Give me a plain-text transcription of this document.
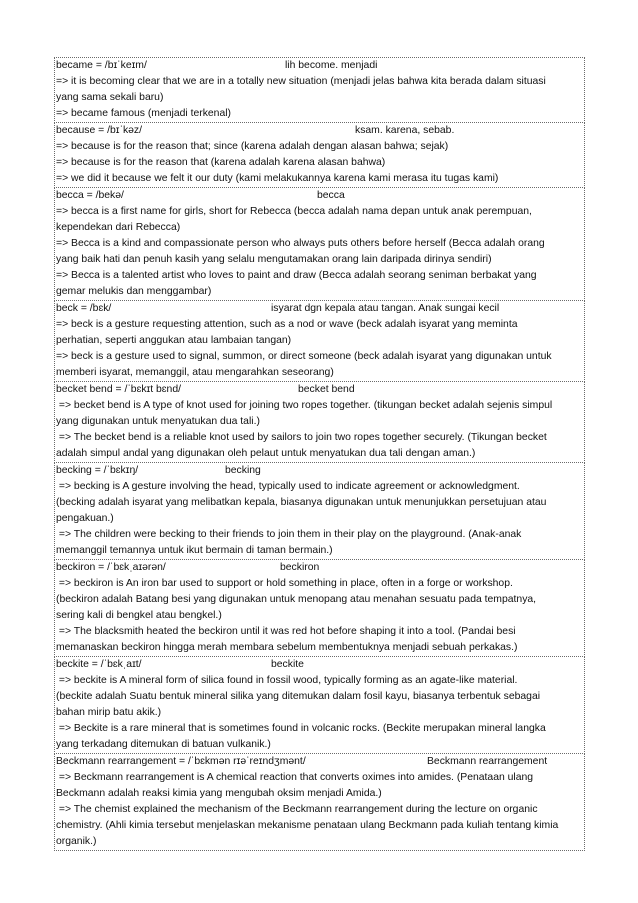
became = /bɪˈkeɪm/	lih become. menjadi
=> it is becoming clear that we are in a totally new situation (menjadi jelas bahwa kita berada dalam situasi
yang sama sekali baru)
=> became famous (menjadi terkenal)
because = /bɪˈkəz/	ksam. karena, sebab.
=> because is for the reason that; since (karena adalah dengan alasan bahwa; sejak)
=> because is for the reason that (karena adalah karena alasan bahwa)
=> we did it because we felt it our duty (kami melakukannya karena kami merasa itu tugas kami)
becca = /bekə/	becca
=> becca is a first name for girls, short for Rebecca (becca adalah nama depan untuk anak perempuan,
kependekan dari Rebecca)
=> Becca is a kind and compassionate person who always puts others before herself (Becca adalah orang
yang baik hati dan penuh kasih yang selalu mengutamakan orang lain daripada dirinya sendiri)
=> Becca is a talented artist who loves to paint and draw (Becca adalah seorang seniman berbakat yang
gemar melukis dan menggambar)
beck = /bɛk/	isyarat dgn kepala atau tangan. Anak sungai kecil
=> beck is a gesture requesting attention, such as a nod or wave (beck adalah isyarat yang meminta
perhatian, seperti anggukan atau lambaian tangan)
=> beck is a gesture used to signal, summon, or direct someone (beck adalah isyarat yang digunakan untuk
memberi isyarat, memanggil, atau mengarahkan seseorang)
becket bend = /ˈbɛkɪt bɛnd/	becket bend
=> becket bend is A type of knot used for joining two ropes together. (tikungan becket adalah sejenis simpul
yang digunakan untuk menyatukan dua tali.)
=> The becket bend is a reliable knot used by sailors to join two ropes together securely. (Tikungan becket
adalah simpul andal yang digunakan oleh pelaut untuk menyatukan dua tali dengan aman.)
becking = /ˈbɛkɪŋ/	becking
=> becking is A gesture involving the head, typically used to indicate agreement or acknowledgment.
(becking adalah isyarat yang melibatkan kepala, biasanya digunakan untuk menunjukkan persetujuan atau
pengakuan.)
=> The children were becking to their friends to join them in their play on the playground. (Anak-anak
memanggil temannya untuk ikut bermain di taman bermain.)
beckiron = /ˈbɛkˌaɪərən/	beckiron
=> beckiron is An iron bar used to support or hold something in place, often in a forge or workshop.
(beckiron adalah Batang besi yang digunakan untuk menopang atau menahan sesuatu pada tempatnya,
sering kali di bengkel atau bengkel.)
=> The blacksmith heated the beckiron until it was red hot before shaping it into a tool. (Pandai besi
memanaskan beckiron hingga merah membara sebelum membentuknya menjadi sebuah perkakas.)
beckite = /ˈbɛkˌaɪt/	beckite
=> beckite is A mineral form of silica found in fossil wood, typically forming as an agate-like material.
(beckite adalah Suatu bentuk mineral silika yang ditemukan dalam fosil kayu, biasanya terbentuk sebagai
bahan mirip batu akik.)
=> Beckite is a rare mineral that is sometimes found in volcanic rocks. (Beckite merupakan mineral langka
yang terkadang ditemukan di batuan vulkanik.)
Beckmann rearrangement = /ˈbɛkmən rɪəˈreɪndʒmənt/	Beckmann rearrangement
=> Beckmann rearrangement is A chemical reaction that converts oximes into amides. (Penataan ulang
Beckmann adalah reaksi kimia yang mengubah oksim menjadi Amida.)
=> The chemist explained the mechanism of the Beckmann rearrangement during the lecture on organic
chemistry. (Ahli kimia tersebut menjelaskan mekanisme penataan ulang Beckmann pada kuliah tentang kimia
organik.)
